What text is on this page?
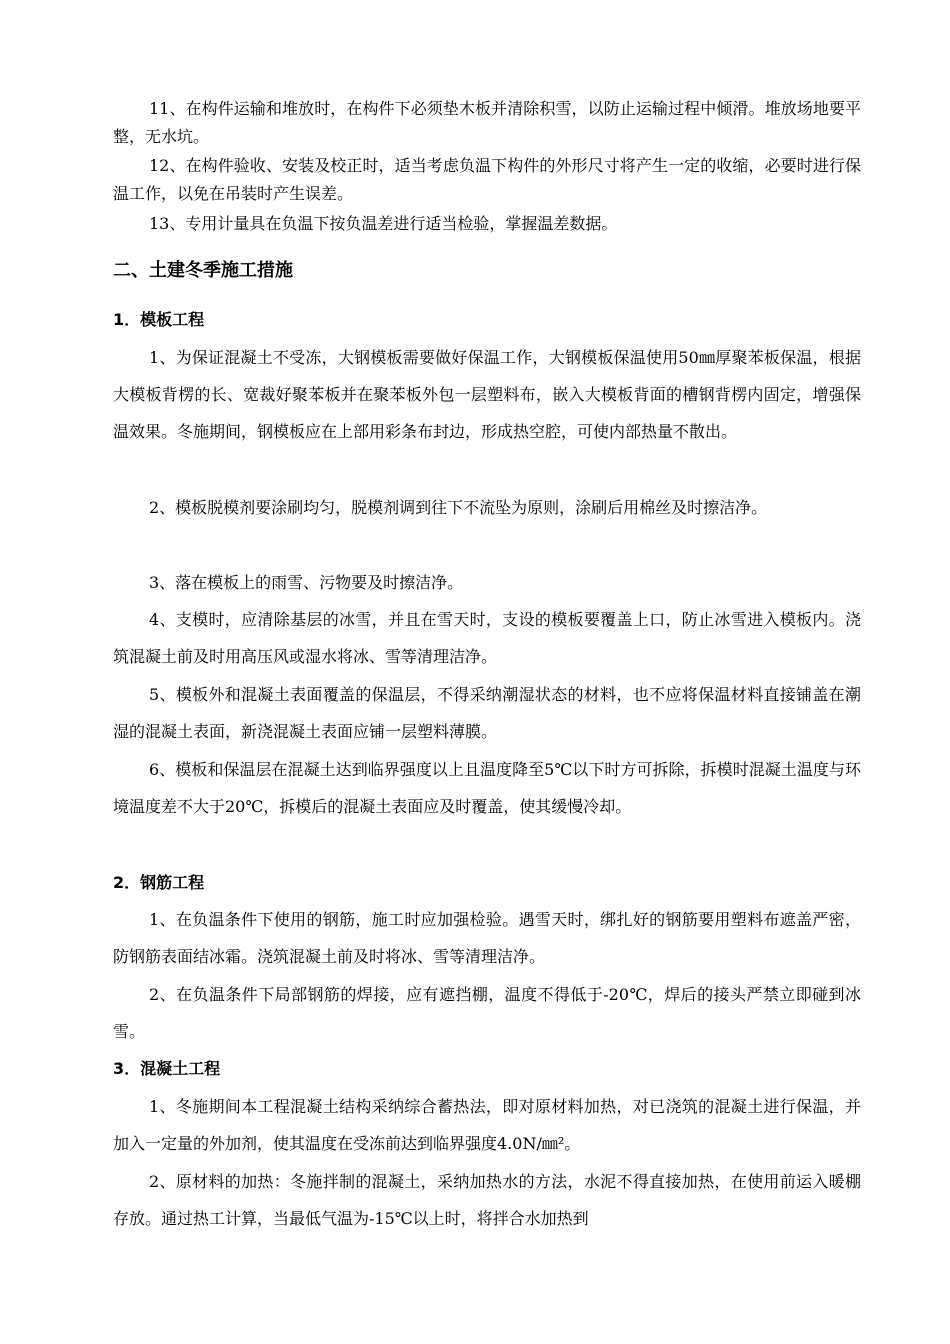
11、在构件运输和堆放时，在构件下必须垫木板并清除积雪，以防止运输过程中倾滑。堆放场地要平整，无水坑。

12、在构件验收、安装及校正时，适当考虑负温下构件的外形尺寸将产生一定的收缩，必要时进行保温工作，以免在吊装时产生误差。

13、专用计量具在负温下按负温差进行适当检验，掌握温差数据。

二、土建冬季施工措施
1．模板工程

1、为保证混凝土不受冻，大钢模板需要做好保温工作，大钢模板保温使用50㎜厚聚苯板保温，根据大模板背楞的长、宽裁好聚苯板并在聚苯板外包一层塑料布，嵌入大模板背面的槽钢背楞内固定，增强保温效果。冬施期间，钢模板应在上部用彩条布封边，形成热空腔，可使内部热量不散出。

2、模板脱模剂要涂刷均匀，脱模剂调到往下不流坠为原则，涂刷后用棉丝及时擦洁净。

3、落在模板上的雨雪、污物要及时擦洁净。

4、支模时，应清除基层的冰雪，并且在雪天时，支设的模板要覆盖上口，防止冰雪进入模板内。浇筑混凝土前及时用高压风或湿水将冰、雪等清理洁净。

5、模板外和混凝土表面覆盖的保温层，不得采纳潮湿状态的材料，也不应将保温材料直接铺盖在潮湿的混凝土表面，新浇混凝土表面应铺一层塑料薄膜。

6、模板和保温层在混凝土达到临界强度以上且温度降至5℃以下时方可拆除，拆模时混凝土温度与环境温度差不大于20℃，拆模后的混凝土表面应及时覆盖，使其缓慢冷却。

2．钢筋工程

1、在负温条件下使用的钢筋，施工时应加强检验。遇雪天时，绑扎好的钢筋要用塑料布遮盖严密，防钢筋表面结冰霜。浇筑混凝土前及时将冰、雪等清理洁净。

2、在负温条件下局部钢筋的焊接，应有遮挡棚，温度不得低于-20℃，焊后的接头严禁立即碰到冰雪。

3．混凝土工程

1、冬施期间本工程混凝土结构采纳综合蓄热法，即对原材料加热，对已浇筑的混凝土进行保温，并加入一定量的外加剂，使其温度在受冻前达到临界强度4.0N/㎜²。

2、原材料的加热：冬施拌制的混凝土，采纳加热水的方法，水泥不得直接加热，在使用前运入暖棚存放。通过热工计算，当最低气温为-15℃以上时，将拌合水加热到
